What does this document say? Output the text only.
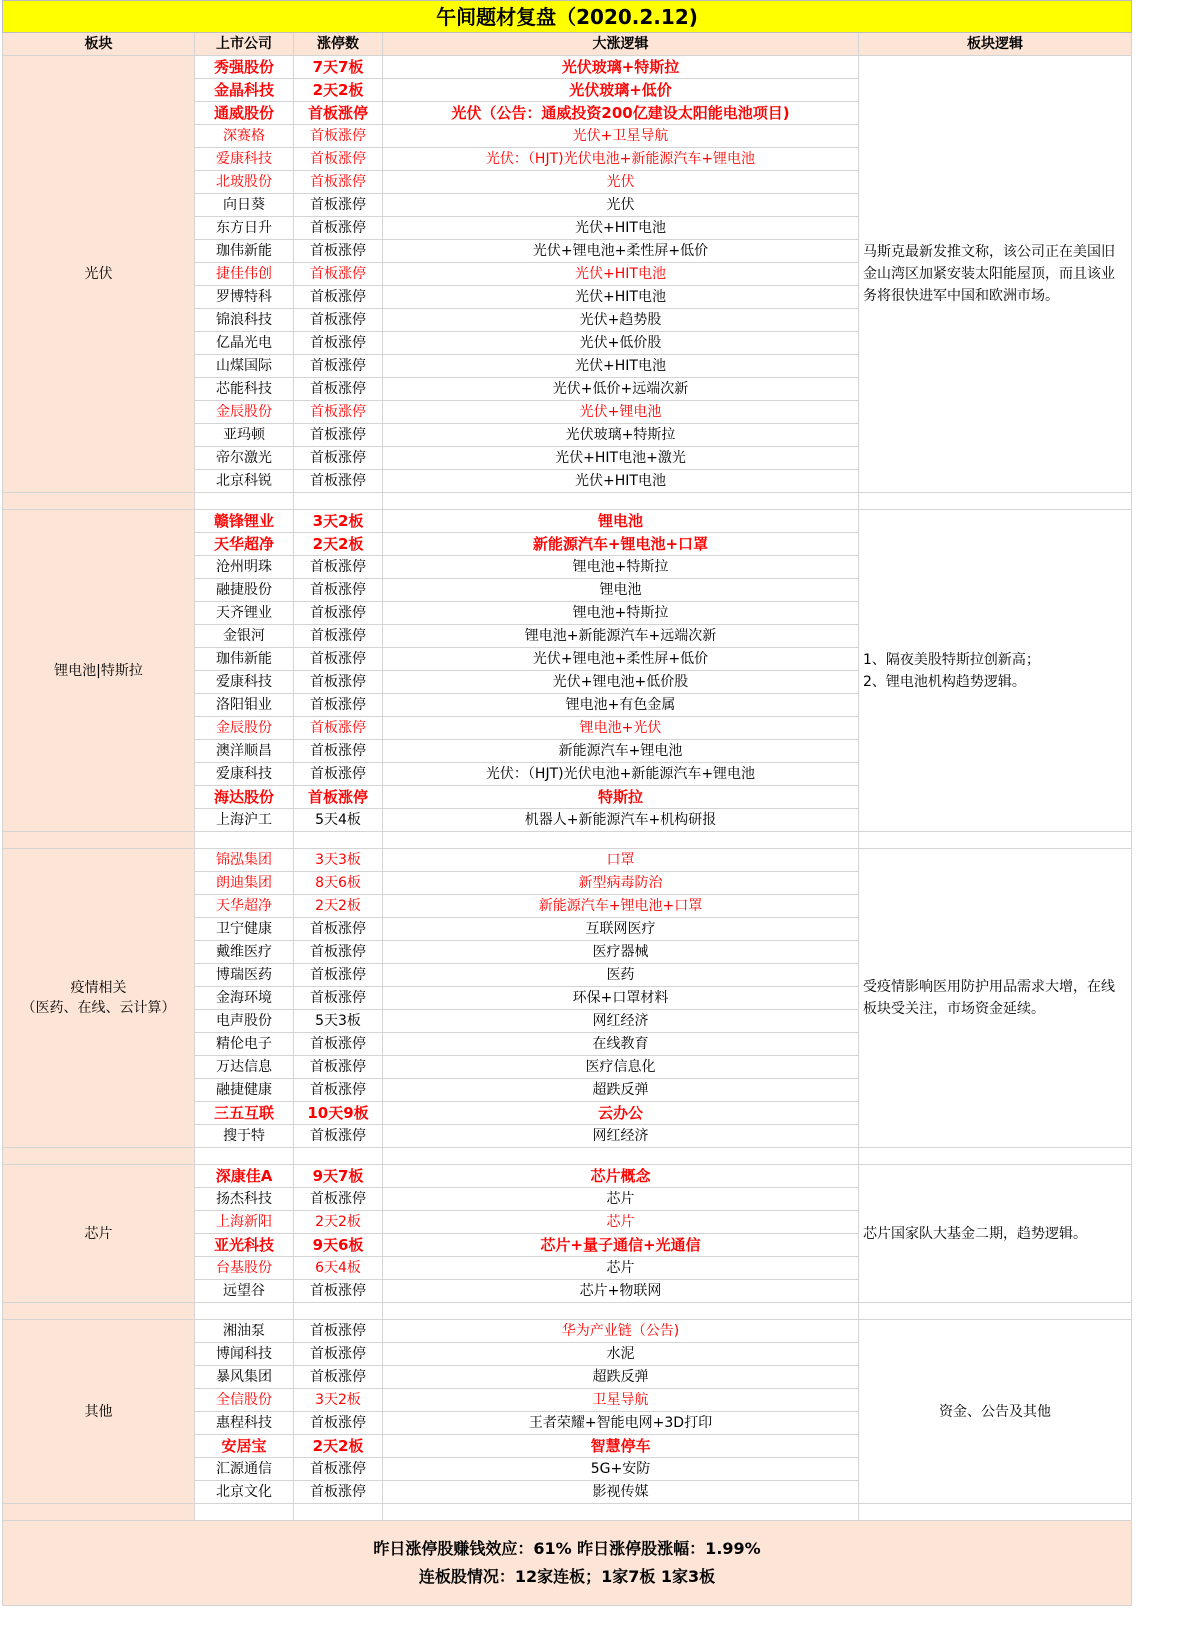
午间题材复盘（2020.2.12)				
板块	上市公司	涨停数	大涨逻辑	板块逻辑
光伏	秀强股份	7天7板	光伏玻璃+特斯拉	马斯克最新发推文称，该公司正在美国旧金山湾区加紧安装太阳能屋顶，而且该业务将很快进军中国和欧洲市场。
	金晶科技	2天2板	光伏玻璃+低价	
	通威股份	首板涨停	光伏（公告：通威投资200亿建设太阳能电池项目)	
	深赛格	首板涨停	光伏+卫星导航	
	爱康科技	首板涨停	光伏：（HJT)光伏电池+新能源汽车+锂电池	
	北玻股份	首板涨停	光伏	
	向日葵	首板涨停	光伏	
	东方日升	首板涨停	光伏+HIT电池	
	珈伟新能	首板涨停	光伏+锂电池+柔性屏+低价	
	捷佳伟创	首板涨停	光伏+HIT电池	
	罗博特科	首板涨停	光伏+HIT电池	
	锦浪科技	首板涨停	光伏+趋势股	
	亿晶光电	首板涨停	光伏+低价股	
	山煤国际	首板涨停	光伏+HIT电池	
	芯能科技	首板涨停	光伏+低价+远端次新	
	金辰股份	首板涨停	光伏+锂电池	
	亚玛顿	首板涨停	光伏玻璃+特斯拉	
	帝尔激光	首板涨停	光伏+HIT电池+激光	
	北京科锐	首板涨停	光伏+HIT电池	

锂电池|特斯拉	赣锋锂业	3天2板	锂电池	1、隔夜美股特斯拉创新高；
2、锂电池机构趋势逻辑。
	天华超净	2天2板	新能源汽车+锂电池+口罩	
	沧州明珠	首板涨停	锂电池+特斯拉	
	融捷股份	首板涨停	锂电池	
	天齐锂业	首板涨停	锂电池+特斯拉	
	金银河	首板涨停	锂电池+新能源汽车+远端次新	
	珈伟新能	首板涨停	光伏+锂电池+柔性屏+低价	
	爱康科技	首板涨停	光伏+锂电池+低价股	
	洛阳钼业	首板涨停	锂电池+有色金属	
	金辰股份	首板涨停	锂电池+光伏	
	澳洋顺昌	首板涨停	新能源汽车+锂电池	
	爱康科技	首板涨停	光伏：（HJT)光伏电池+新能源汽车+锂电池	
	海达股份	首板涨停	特斯拉	
	上海沪工	5天4板	机器人+新能源汽车+机构研报	

疫情相关
（医药、在线、云计算）	锦泓集团	3天3板	口罩	受疫情影响医用防护用品需求大增，在线板块受关注，市场资金延续。
	朗迪集团	8天6板	新型病毒防治	
	天华超净	2天2板	新能源汽车+锂电池+口罩	
	卫宁健康	首板涨停	互联网医疗	
	戴维医疗	首板涨停	医疗器械	
	博瑞医药	首板涨停	医药	
	金海环境	首板涨停	环保+口罩材料	
	电声股份	5天3板	网红经济	
	精伦电子	首板涨停	在线教育	
	万达信息	首板涨停	医疗信息化	
	融捷健康	首板涨停	超跌反弹	
	三五互联	10天9板	云办公	
	搜于特	首板涨停	网红经济	

芯片	深康佳A	9天7板	芯片概念	芯片国家队大基金二期，趋势逻辑。
	扬杰科技	首板涨停	芯片	
	上海新阳	2天2板	芯片	
	亚光科技	9天6板	芯片+量子通信+光通信	
	台基股份	6天4板	芯片	
	远望谷	首板涨停	芯片+物联网	

其他	湘油泵	首板涨停	华为产业链（公告)	资金、公告及其他
	博闻科技	首板涨停	水泥	
	暴风集团	首板涨停	超跌反弹	
	全信股份	3天2板	卫星导航	
	惠程科技	首板涨停	王者荣耀+智能电网+3D打印	
	安居宝	2天2板	智慧停车	
	汇源通信	首板涨停	5G+安防	
	北京文化	首板涨停	影视传媒	

昨日涨停股赚钱效应：61% 昨日涨停股涨幅：1.99%
连板股情况：12家连板；1家7板 1家3板				
